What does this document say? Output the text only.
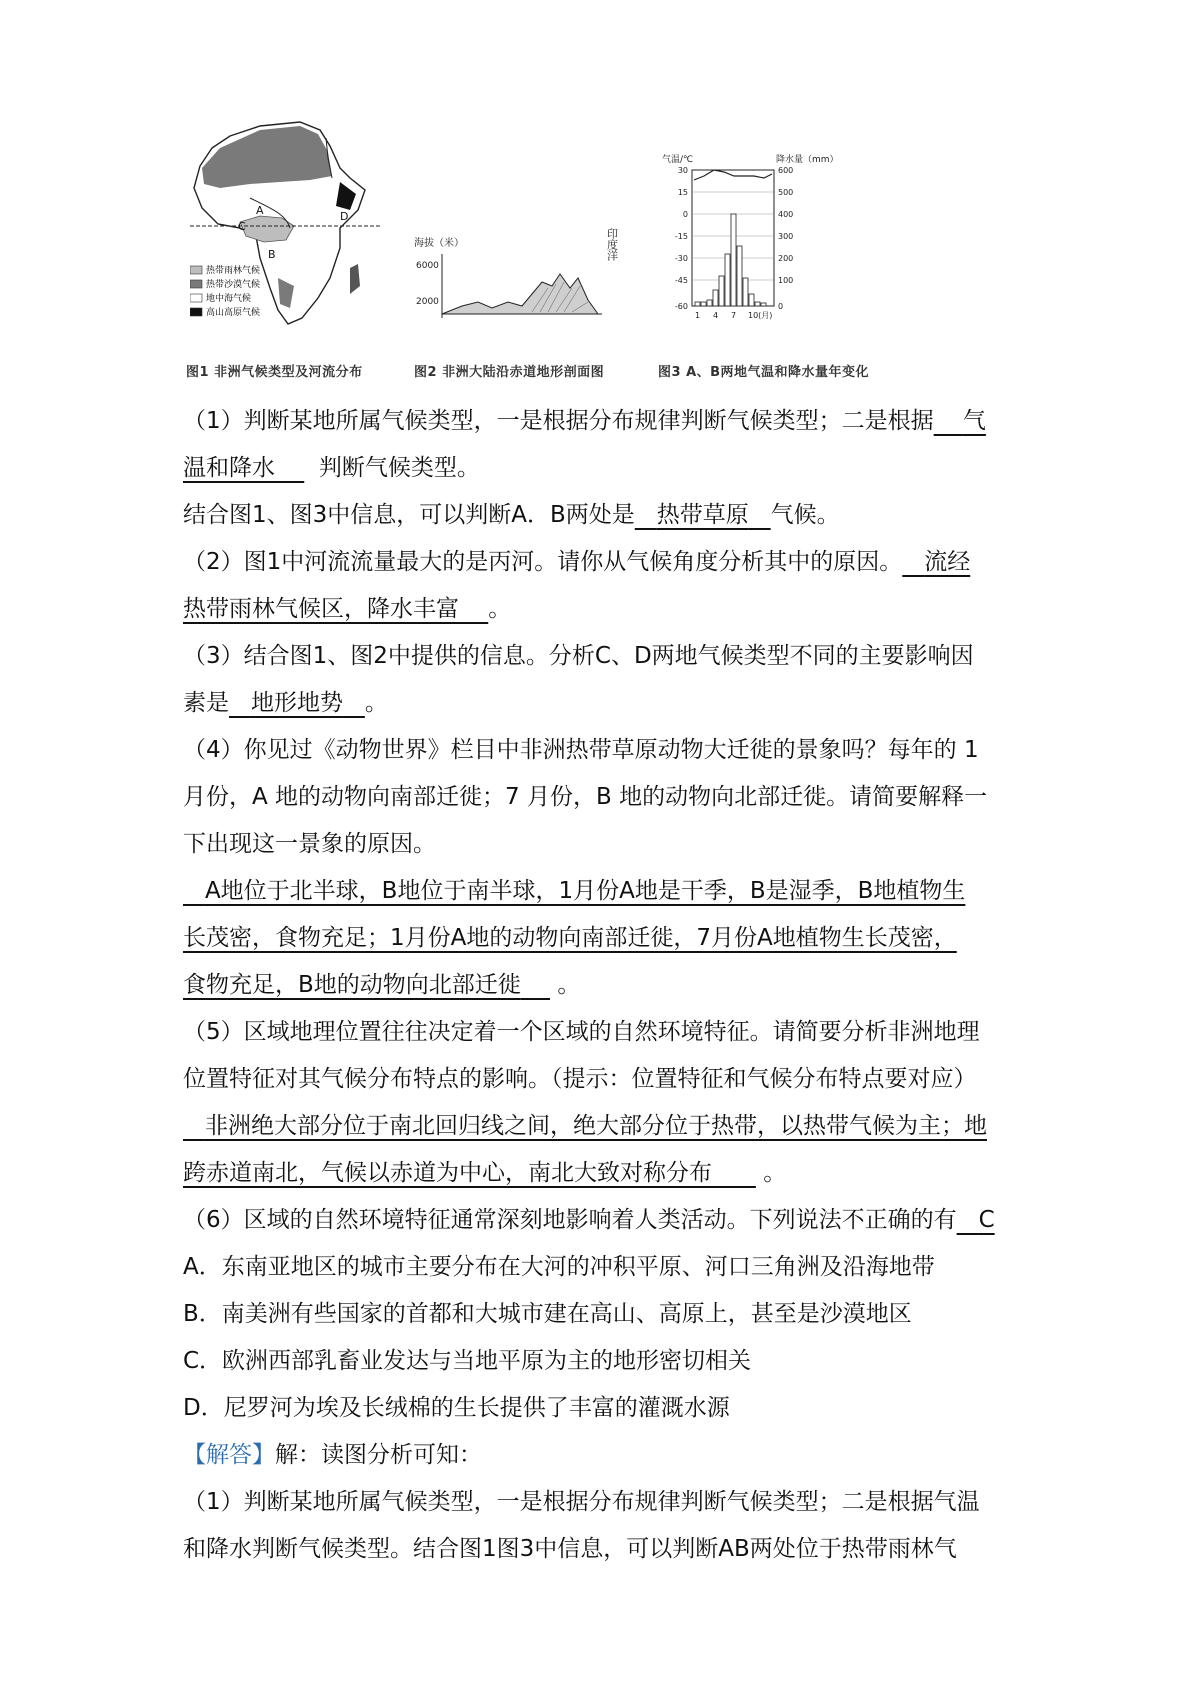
A
B
C
D
热带雨林气候
热带沙漠气候
地中海气候
高山高原气候
图1 非洲气候类型及河流分布
海拔（米）
6000
2000
印度洋
图2 非洲大陆沿赤道地形剖面图
气温/℃	降水量（mm）
30
15
0
-15
-30
-45
-60
600
500
400
300
200
100
0
1 4 7 10(月)
图3 A、B两地气温和降水量年变化

（1）判断某地所属气候类型，一是根据分布规律判断气候类型；二是根据 气

温和降水 判断气候类型。

结合图1、图3中信息，可以判断A．B两处是 热带草原 气候。

（2）图1中河流流量最大的是丙河。请你从气候角度分析其中的原因。 流经

热带雨林气候区，降水丰富 。

（3）结合图1、图2中提供的信息。分析C、D两地气候类型不同的主要影响因

素是 地形地势 。

（4）你见过《动物世界》栏目中非洲热带草原动物大迁徙的景象吗？每年的 1

月份，A 地的动物向南部迁徙；7 月份，B 地的动物向北部迁徙。请简要解释一

下出现这一景象的原因。

A地位于北半球，B地位于南半球，1月份A地是干季，B是湿季，B地植物生

长茂密，食物充足；1月份A地的动物向南部迁徙，7月份A地植物生长茂密，

食物充足，B地的动物向北部迁徙 。

（5）区域地理位置往往决定着一个区域的自然环境特征。请简要分析非洲地理

位置特征对其气候分布特点的影响。（提示：位置特征和气候分布特点要对应）

非洲绝大部分位于南北回归线之间，绝大部分位于热带，以热带气候为主；地

跨赤道南北，气候以赤道为中心，南北大致对称分布 。

（6）区域的自然环境特征通常深刻地影响着人类活动。下列说法不正确的有 C

A．东南亚地区的城市主要分布在大河的冲积平原、河口三角洲及沿海地带

B．南美洲有些国家的首都和大城市建在高山、高原上，甚至是沙漠地区

C．欧洲西部乳畜业发达与当地平原为主的地形密切相关

D．尼罗河为埃及长绒棉的生长提供了丰富的灌溉水源

【解答】解：读图分析可知：

（1）判断某地所属气候类型，一是根据分布规律判断气候类型；二是根据气温

和降水判断气候类型。结合图1图3中信息，可以判断AB两处位于热带雨林气
